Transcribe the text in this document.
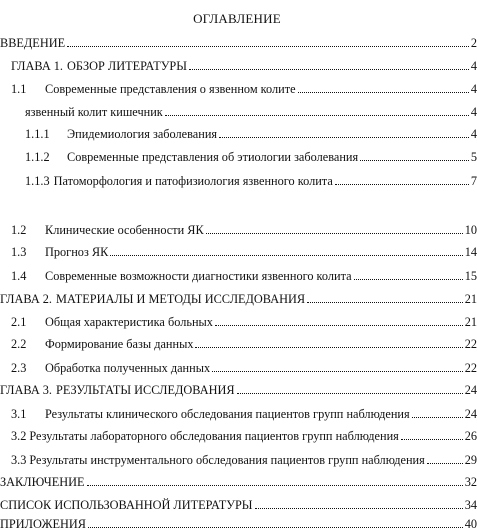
ОГЛАВЛЕНИЕ
ВВЕДЕНИЕ	2
ГЛАВА 1. ОБЗОР ЛИТЕРАТУРЫ	4
1.1	Современные представления о язвенном колите	4
язвенный колит кишечник	4
1.1.1	Эпидемиология заболевания	4
1.1.2	Современные представления об этиологии заболевания	5
1.1.3 Патоморфология и патофизиология язвенного колита	7
1.2	Клинические особенности ЯК	10
1.3	Прогноз ЯК	14
1.4	Современные возможности диагностики язвенного колита	15
ГЛАВА 2. МАТЕРИАЛЫ И МЕТОДЫ ИССЛЕДОВАНИЯ	21
2.1	Общая характеристика больных	21
2.2	Формирование базы данных	22
2.3	Обработка полученных данных	22
ГЛАВА 3. РЕЗУЛЬТАТЫ ИССЛЕДОВАНИЯ	24
3.1	Результаты клинического обследования пациентов групп наблюдения	24
3.2 Результаты лабораторного обследования пациентов групп наблюдения	26
3.3 Результаты инструментального обследования пациентов групп наблюдения	29
ЗАКЛЮЧЕНИЕ	32
СПИСОК ИСПОЛЬЗОВАННОЙ ЛИТЕРАТУРЫ	34
ПРИЛОЖЕНИЯ	40
